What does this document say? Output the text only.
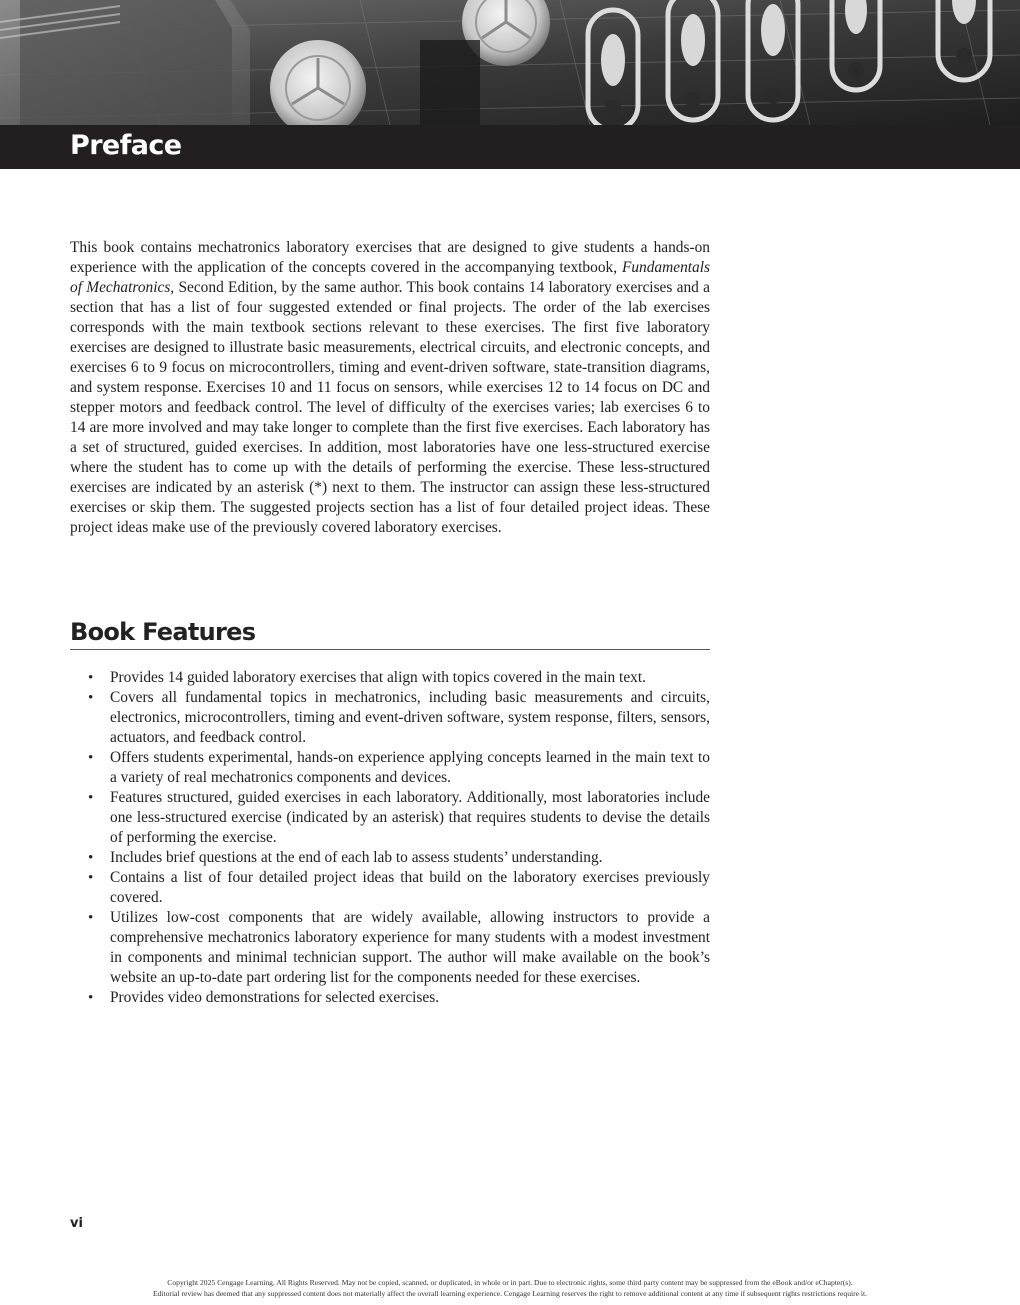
Preface

This book contains mechatronics laboratory exercises that are designed to give students a hands-on experience with the application of the concepts covered in the accompanying textbook, Fundamentals of Mechatronics, Second Edition, by the same author. This book contains 14 laboratory exercises and a section that has a list of four suggested extended or final projects. The order of the lab exercises corresponds with the main textbook sections relevant to these exercises. The first five laboratory exercises are designed to illustrate basic measurements, electrical circuits, and electronic concepts, and exercises 6 to 9 focus on microcontrollers, timing and event-driven software, state-transition diagrams, and system response. Exercises 10 and 11 focus on sensors, while exercises 12 to 14 focus on DC and stepper motors and feedback control. The level of difficulty of the exercises varies; lab exercises 6 to 14 are more involved and may take longer to complete than the first five exercises. Each laboratory has a set of structured, guided exercises. In addition, most laboratories have one less-structured exercise where the student has to come up with the details of performing the exercise. These less-structured exercises are indicated by an asterisk (*) next to them. The instructor can assign these less-structured exercises or skip them. The suggested projects section has a list of four detailed project ideas. These project ideas make use of the previously covered laboratory exercises.

Book Features
• Provides 14 guided laboratory exercises that align with topics covered in the main text.
• Covers all fundamental topics in mechatronics, including basic measurements and circuits, electronics, microcontrollers, timing and event-driven software, system response, filters, sensors, actuators, and feedback control.
• Offers students experimental, hands-on experience applying concepts learned in the main text to a variety of real mechatronics components and devices.
• Features structured, guided exercises in each laboratory. Additionally, most laboratories include one less-structured exercise (indicated by an asterisk) that requires students to devise the details of performing the exercise.
• Includes brief questions at the end of each lab to assess students’ understanding.
• Contains a list of four detailed project ideas that build on the laboratory exercises previously covered.
• Utilizes low-cost components that are widely available, allowing instructors to provide a comprehensive mechatronics laboratory experience for many students with a modest investment in components and minimal technician support. The author will make available on the book’s website an up-to-date part ordering list for the components needed for these exercises.
• Provides video demonstrations for selected exercises.

vi

Copyright 2025 Cengage Learning. All Rights Reserved. May not be copied, scanned, or duplicated, in whole or in part. Due to electronic rights, some third party content may be suppressed from the eBook and/or eChapter(s).
Editorial review has deemed that any suppressed content does not materially affect the overall learning experience. Cengage Learning reserves the right to remove additional content at any time if subsequent rights restrictions require it.
